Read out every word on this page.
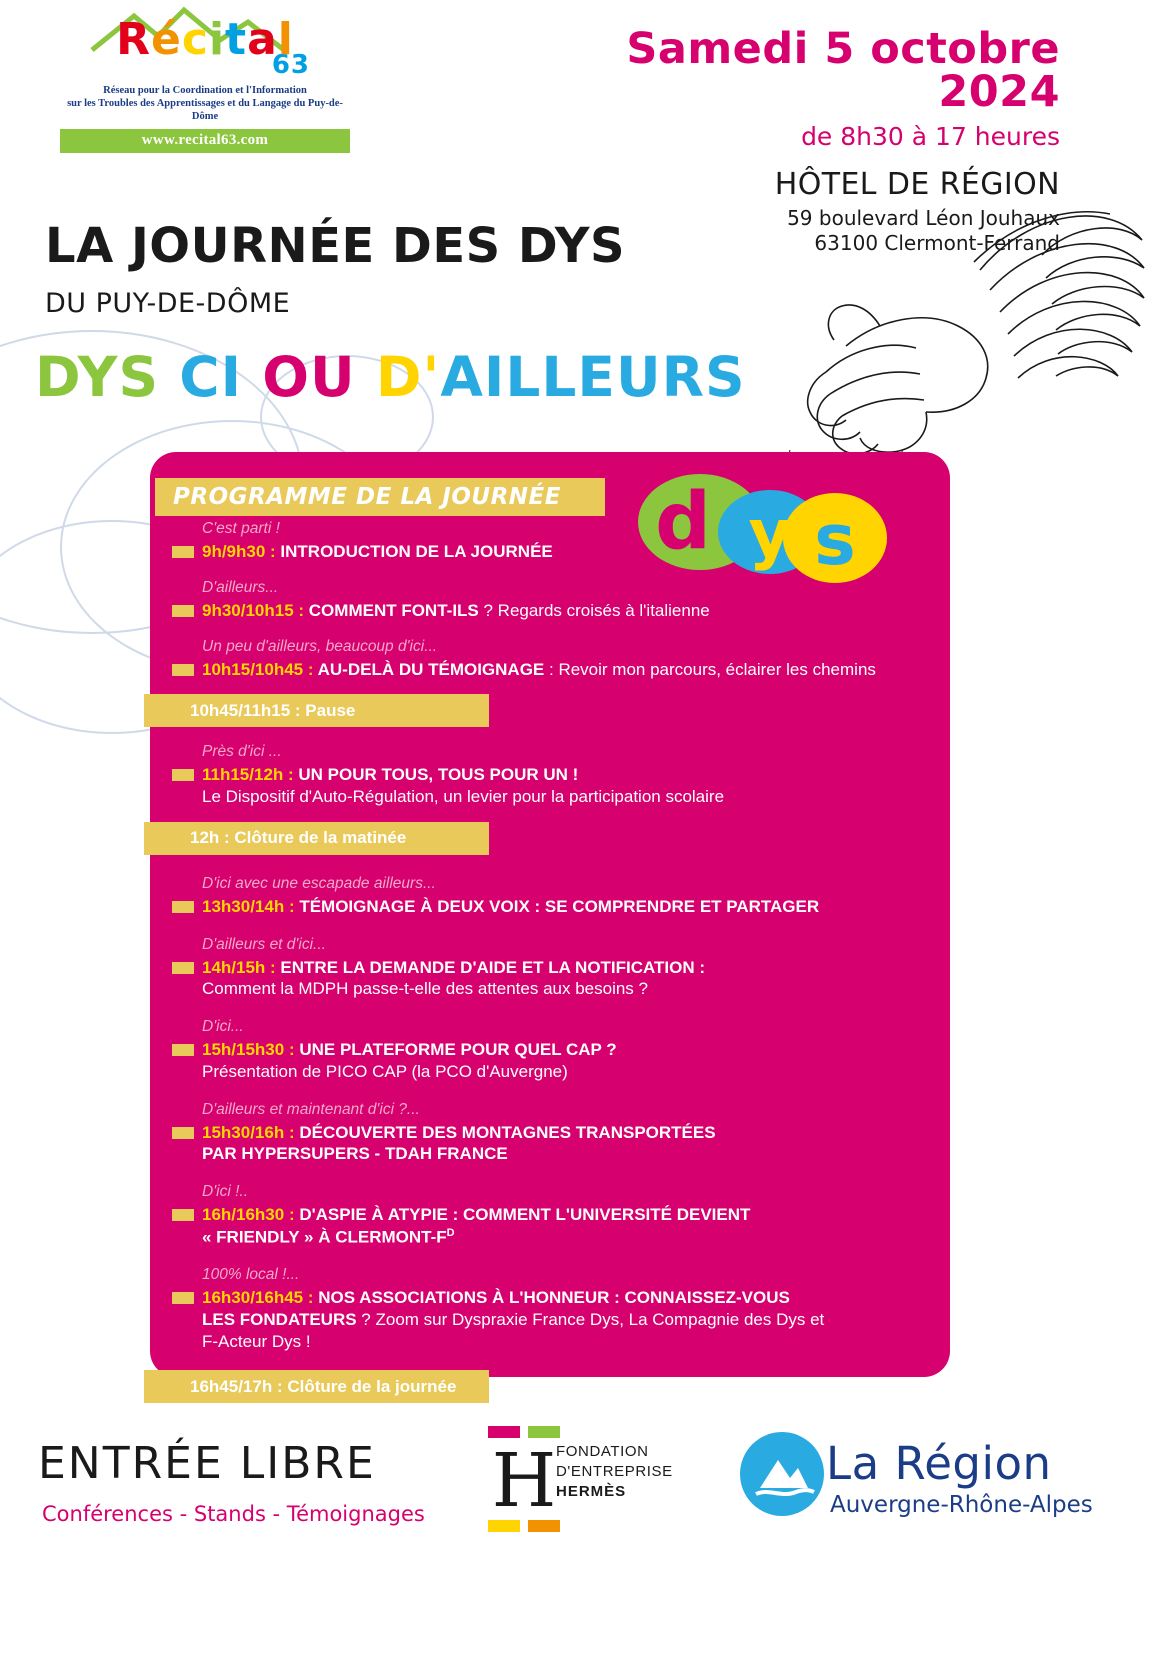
Récital
63
Réseau pour la Coordination et l'Information
sur les Troubles des Apprentissages et du Langage du Puy-de-Dôme
www.recital63.com
Samedi 5 octobre 2024
de 8h30 à 17 heures
HÔTEL DE RÉGION
59 boulevard Léon Jouhaux
63100 Clermont-Ferrand
LA JOURNÉE DES DYS
DU PUY-DE-DÔME
DYS CI OU D'AILLEURS
PROGRAMME DE LA JOURNÉE d y s
C'est parti !
9h/9h30 : INTRODUCTION DE LA JOURNÉE
D'ailleurs...
9h30/10h15 : COMMENT FONT-ILS ? Regards croisés à l'italienne
Un peu d'ailleurs, beaucoup d'ici...
10h15/10h45 : AU-DELÀ DU TÉMOIGNAGE : Revoir mon parcours, éclairer les chemins
10h45/11h15 : Pause
Près d'ici ...
11h15/12h : UN POUR TOUS, TOUS POUR UN !
Le Dispositif d'Auto-Régulation, un levier pour la participation scolaire
12h : Clôture de la matinée
D'ici avec une escapade ailleurs...
13h30/14h : TÉMOIGNAGE À DEUX VOIX : SE COMPRENDRE ET PARTAGER
D'ailleurs et d'ici...
14h/15h : ENTRE LA DEMANDE D'AIDE ET LA NOTIFICATION :
Comment la MDPH passe-t-elle des attentes aux besoins ?
D'ici...
15h/15h30 : UNE PLATEFORME POUR QUEL CAP ?
Présentation de PICO CAP (la PCO d'Auvergne)
D'ailleurs et maintenant d'ici ?...
15h30/16h : DÉCOUVERTE DES MONTAGNES TRANSPORTÉES
PAR HYPERSUPERS - TDAH FRANCE
D'ici !..
16h/16h30 : D'ASPIE À ATYPIE : COMMENT L'UNIVERSITÉ DEVIENT
« FRIENDLY » À CLERMONT-$F^D$
100% local !...
16h30/16h45 : NOS ASSOCIATIONS À L'HONNEUR : CONNAISSEZ-VOUS
LES FONDATEURS ? Zoom sur Dyspraxie France Dys, La Compagnie des Dys et
F-Acteur Dys !
16h45/17h : Clôture de la journée
ENTRÉE LIBRE
Conférences - Stands - Témoignages H FONDATION
D'ENTREPRISE
HERMÈS
La Région
Auvergne-Rhône-Alpes
